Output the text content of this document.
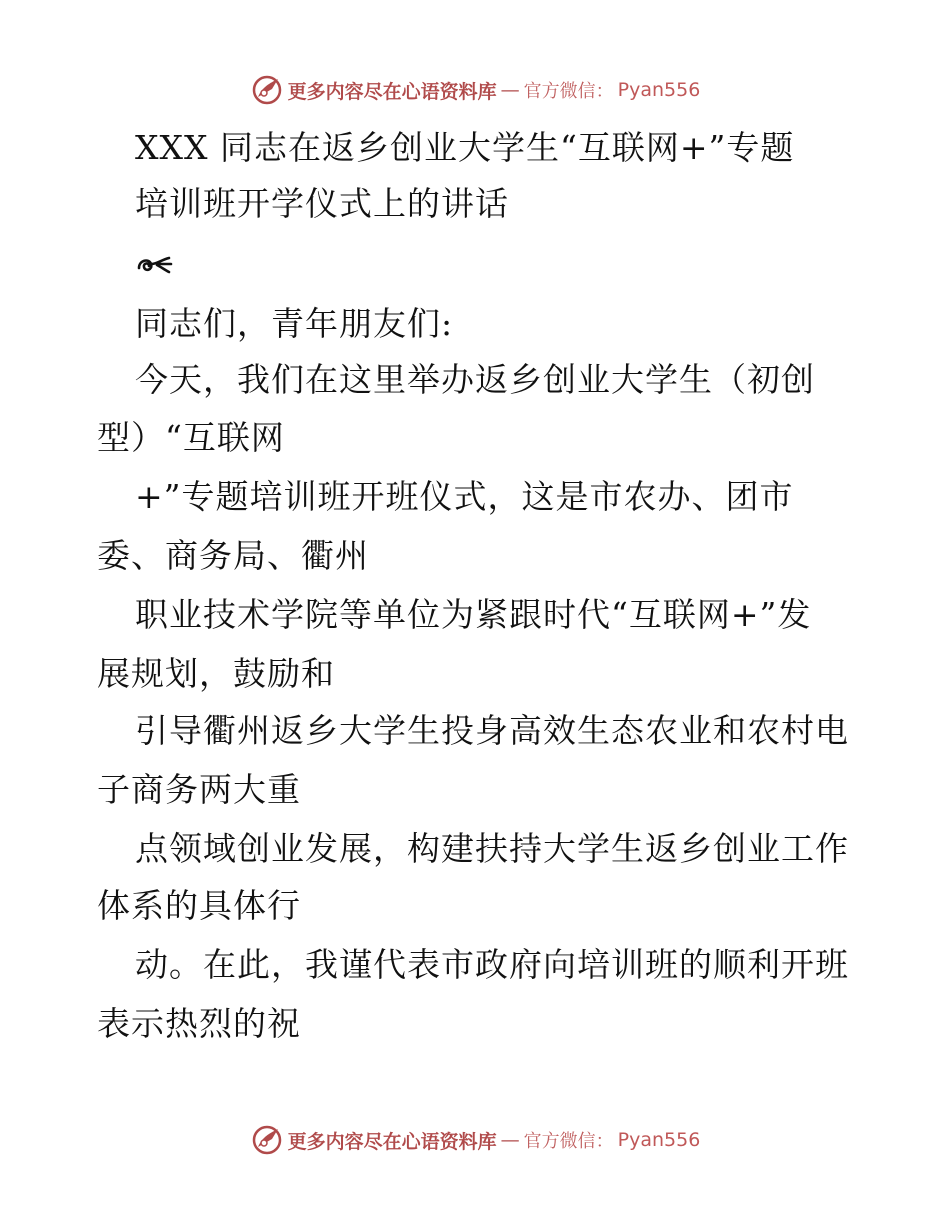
更多内容尽在心语资料库 — 官方微信： Pyan556
XXX 同志在返乡创业大学生“互联网+”专题
培训班开学仪式上的讲话
同志们，青年朋友们:
今天，我们在这里举办返乡创业大学生（初创
型）“互联网
+”专题培训班开班仪式，这是市农办、团市
委、商务局、衢州
职业技术学院等单位为紧跟时代“互联网+”发
展规划，鼓励和
引导衢州返乡大学生投身高效生态农业和农村电
子商务两大重
点领域创业发展，构建扶持大学生返乡创业工作
体系的具体行
动。在此，我谨代表市政府向培训班的顺利开班
表示热烈的祝
更多内容尽在心语资料库 — 官方微信： Pyan556
